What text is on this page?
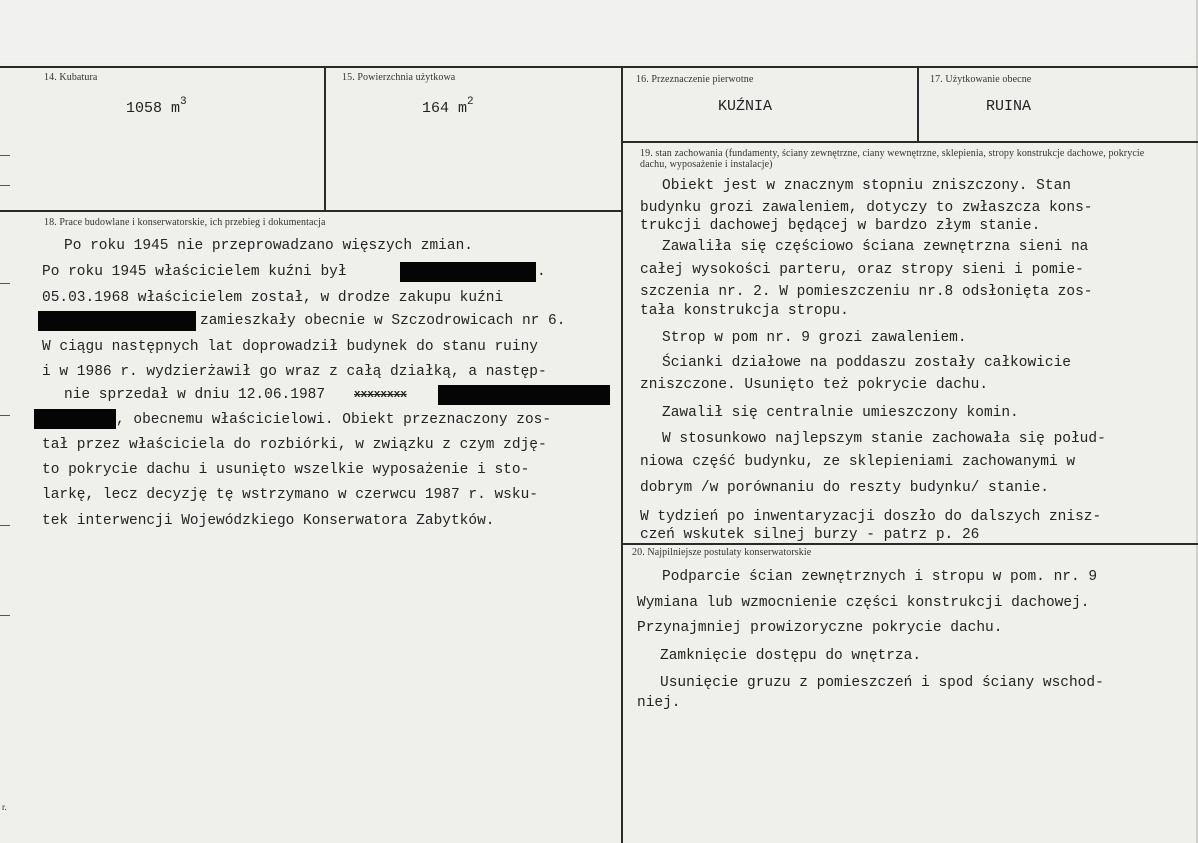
r.
14. Kubatura
1058 $m^3$
15. Powierzchnia użytkowa
164 $m^2$
16. Przeznaczenie pierwotne
KUŹNIA
17. Użytkowanie obecne
RUINA
18. Prace budowlane i konserwatorskie, ich przebieg i dokumentacja
Po roku 1945 nie przeprowadzano więszych zmian.
Po roku 1945 właścicielem kuźni był	.
05.03.1968 właścicielem został, w drodze zakupu kuźni
zamieszkały obecnie w Szczodrowicach nr 6.
W ciągu następnych lat doprowadził budynek do stanu ruiny
i w 1986 r. wydzierżawił go wraz z całą działką, a następ-
nie sprzedał w dniu 12.06.1987	xxxxxxxx
, obecnemu właścicielowi. Obiekt przeznaczony zos-
tał przez właściciela do rozbiórki, w związku z czym zdję-
to pokrycie dachu i usunięto wszelkie wyposażenie i sto-
larkę, lecz decyzję tę wstrzymano w czerwcu 1987 r. wsku-
tek interwencji Wojewódzkiego Konserwatora Zabytków.
19. stan zachowania (fundamenty, ściany zewnętrzne, ciany wewnętrzne, sklepienia, stropy konstrukcje dachowe, pokrycie dachu, wyposażenie i instalacje)
Obiekt jest w znacznym stopniu zniszczony. Stan
budynku grozi zawaleniem, dotyczy to zwłaszcza kons-
trukcji dachowej będącej w bardzo złym stanie.
Zawaliła się częściowo ściana zewnętrzna sieni na
całej wysokości parteru, oraz stropy sieni i pomie-
szczenia nr. 2. W pomieszczeniu nr.8 odsłonięta zos-
tała konstrukcja stropu.
Strop w pom nr. 9 grozi zawaleniem.
Ścianki działowe na poddaszu zostały całkowicie
zniszczone. Usunięto też pokrycie dachu.
Zawalił się centralnie umieszczony komin.
W stosunkowo najlepszym stanie zachowała się połud-
niowa część budynku, ze sklepieniami zachowanymi w
dobrym /w porównaniu do reszty budynku/ stanie.
W tydzień po inwentaryzacji doszło do dalszych znisz-
czeń wskutek silnej burzy - patrz p. 26
20. Najpilniejsze postulaty konserwatorskie
Podparcie ścian zewnętrznych i stropu w pom. nr. 9
Wymiana lub wzmocnienie części konstrukcji dachowej.
Przynajmniej prowizoryczne pokrycie dachu.
Zamknięcie dostępu do wnętrza.
Usunięcie gruzu z pomieszczeń i spod ściany wschod-
niej.
